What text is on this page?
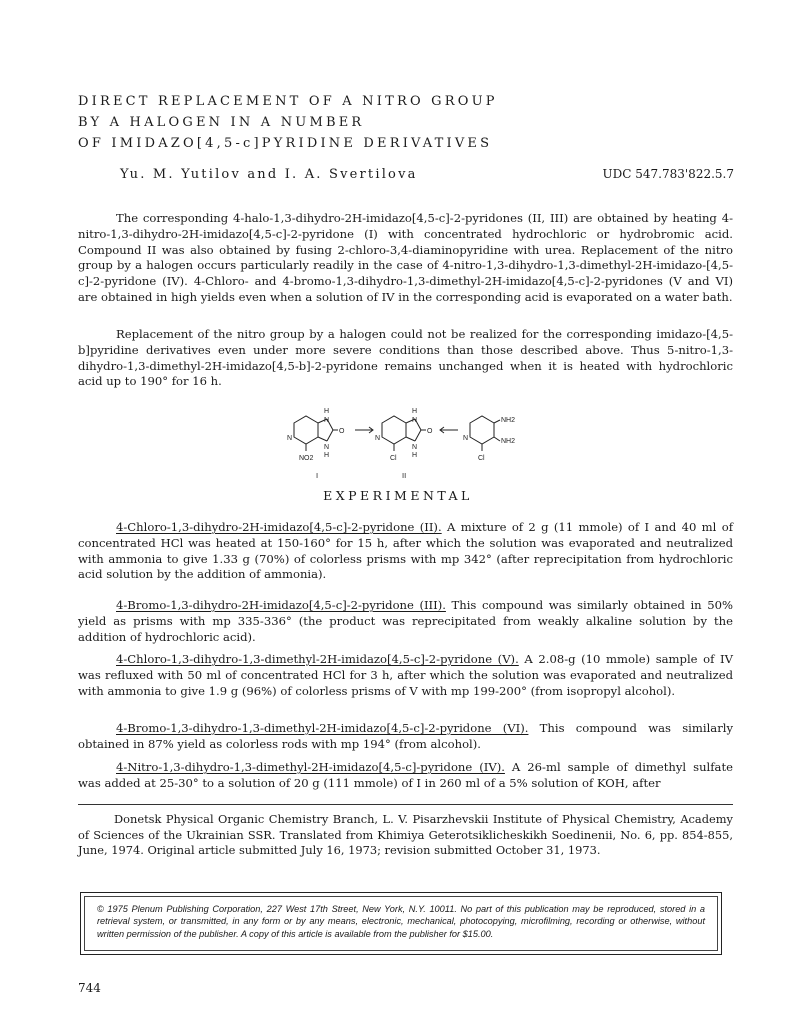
DIRECT REPLACEMENT OF A NITRO GROUP
BY A HALOGEN IN A NUMBER
OF IMIDAZO[4,5-c]PYRIDINE DERIVATIVES
Yu. M. Yutilov and I. A. Svertilova	UDC 547.783'822.5.7

The corresponding 4-halo-1,3-dihydro-2H-imidazo[4,5-c]-2-pyridones (II, III) are obtained by heating 4-nitro-1,3-dihydro-2H-imidazo[4,5-c]-2-pyridone (I) with concentrated hydrochloric or hydrobromic acid. Compound II was also obtained by fusing 2-chloro-3,4-diaminopyridine with urea. Replacement of the nitro group by a halogen occurs particularly readily in the case of 4-nitro-1,3-dihydro-1,3-dimethyl-2H-imidazo-[4,5-c]-2-pyridone (IV). 4-Chloro- and 4-bromo-1,3-dihydro-1,3-dimethyl-2H-imidazo[4,5-c]-2-pyridones (V and VI) are obtained in high yields even when a solution of IV in the corresponding acid is evaporated on a water bath.

Replacement of the nitro group by a halogen could not be realized for the corresponding imidazo-[4,5-b]pyridine derivatives even under more severe conditions than those described above. Thus 5-nitro-1,3-dihydro-1,3-dimethyl-2H-imidazo[4,5-b]-2-pyridone remains unchanged when it is heated with hydrochloric acid up to 190° for 16 h.

H
N
N
H
O
N
NO2
H
N
N
H
O
N
Cl
NH2
NH2
N
Cl
I	II
EXPERIMENTAL

4-Chloro-1,3-dihydro-2H-imidazo[4,5-c]-2-pyridone (II). A mixture of 2 g (11 mmole) of I and 40 ml of concentrated HCl was heated at 150-160° for 15 h, after which the solution was evaporated and neutralized with ammonia to give 1.33 g (70%) of colorless prisms with mp 342° (after reprecipitation from hydrochloric acid solution by the addition of ammonia).

4-Bromo-1,3-dihydro-2H-imidazo[4,5-c]-2-pyridone (III). This compound was similarly obtained in 50% yield as prisms with mp 335-336° (the product was reprecipitated from weakly alkaline solution by the addition of hydrochloric acid).

4-Chloro-1,3-dihydro-1,3-dimethyl-2H-imidazo[4,5-c]-2-pyridone (V). A 2.08-g (10 mmole) sample of IV was refluxed with 50 ml of concentrated HCl for 3 h, after which the solution was evaporated and neutralized with ammonia to give 1.9 g (96%) of colorless prisms of V with mp 199-200° (from isopropyl alcohol).

4-Bromo-1,3-dihydro-1,3-dimethyl-2H-imidazo[4,5-c]-2-pyridone (VI). This compound was similarly obtained in 87% yield as colorless rods with mp 194° (from alcohol).

4-Nitro-1,3-dihydro-1,3-dimethyl-2H-imidazo[4,5-c]-pyridone (IV). A 26-ml sample of dimethyl sulfate was added at 25-30° to a solution of 20 g (111 mmole) of I in 260 ml of a 5% solution of KOH, after

Donetsk Physical Organic Chemistry Branch, L. V. Pisarzhevskii Institute of Physical Chemistry, Academy of Sciences of the Ukrainian SSR. Translated from Khimiya Geterotsiklicheskikh Soedinenii, No. 6, pp. 854-855, June, 1974. Original article submitted July 16, 1973; revision submitted October 31, 1973.

© 1975 Plenum Publishing Corporation, 227 West 17th Street, New York, N.Y. 10011. No part of this publication may be reproduced, stored in a retrieval system, or transmitted, in any form or by any means, electronic, mechanical, photocopying, microfilming, recording or otherwise, without written permission of the publisher. A copy of this article is available from the publisher for $15.00.
744
